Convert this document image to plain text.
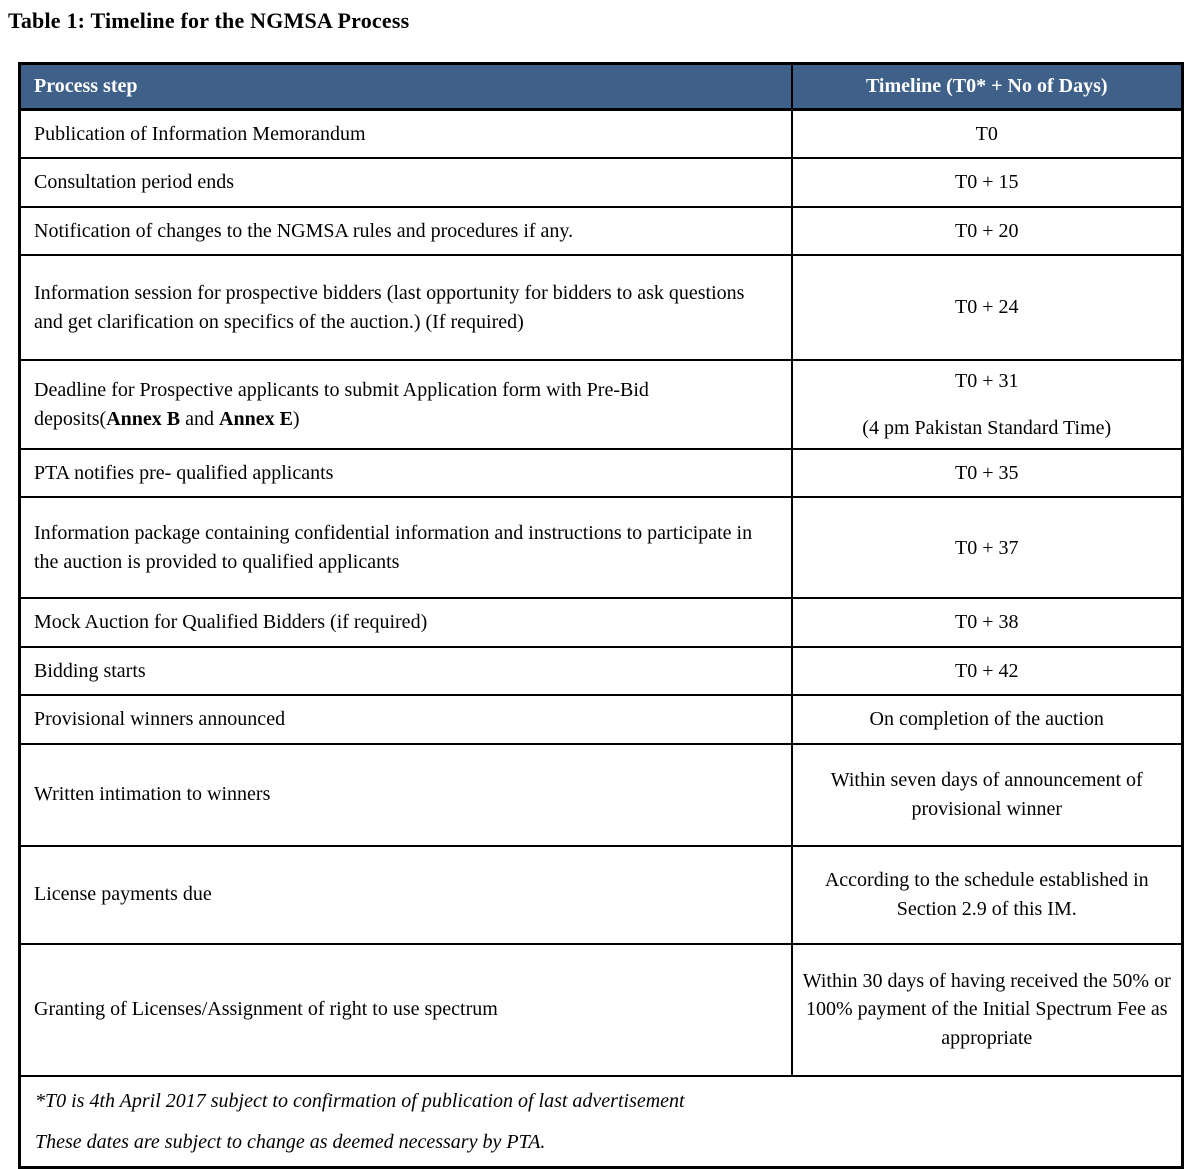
Table 1: Timeline for the NGMSA Process
Process step	Timeline (T0* + No of Days)
Publication of Information Memorandum	T0

Consultation period ends	T0 + 15

Notification of changes to the NGMSA rules and procedures if any.	T0 + 20

Information session for prospective bidders (last opportunity for bidders to ask questions and get clarification on specifics of the auction.) (If required)	T0 + 24

Deadline for Prospective applicants to submit Application form with Pre-Bid deposits(Annex B and Annex E)	T0 + 31
(4 pm Pakistan Standard Time)

PTA notifies pre- qualified applicants	T0 + 35

Information package containing confidential information and instructions to participate in the auction is provided to qualified applicants	T0 + 37

Mock Auction for Qualified Bidders (if required)	T0 + 38

Bidding starts	T0 + 42

Provisional winners announced	On completion of the auction

Written intimation to winners	Within seven days of announcement of provisional winner

License payments due	According to the schedule established in Section 2.9 of this IM.

Granting of Licenses/Assignment of right to use spectrum	Within 30 days of having received the 50% or 100% payment of the Initial Spectrum Fee as appropriate

*T0 is 4th April 2017 subject to confirmation of publication of last advertisement
These dates are subject to change as deemed necessary by PTA.	
